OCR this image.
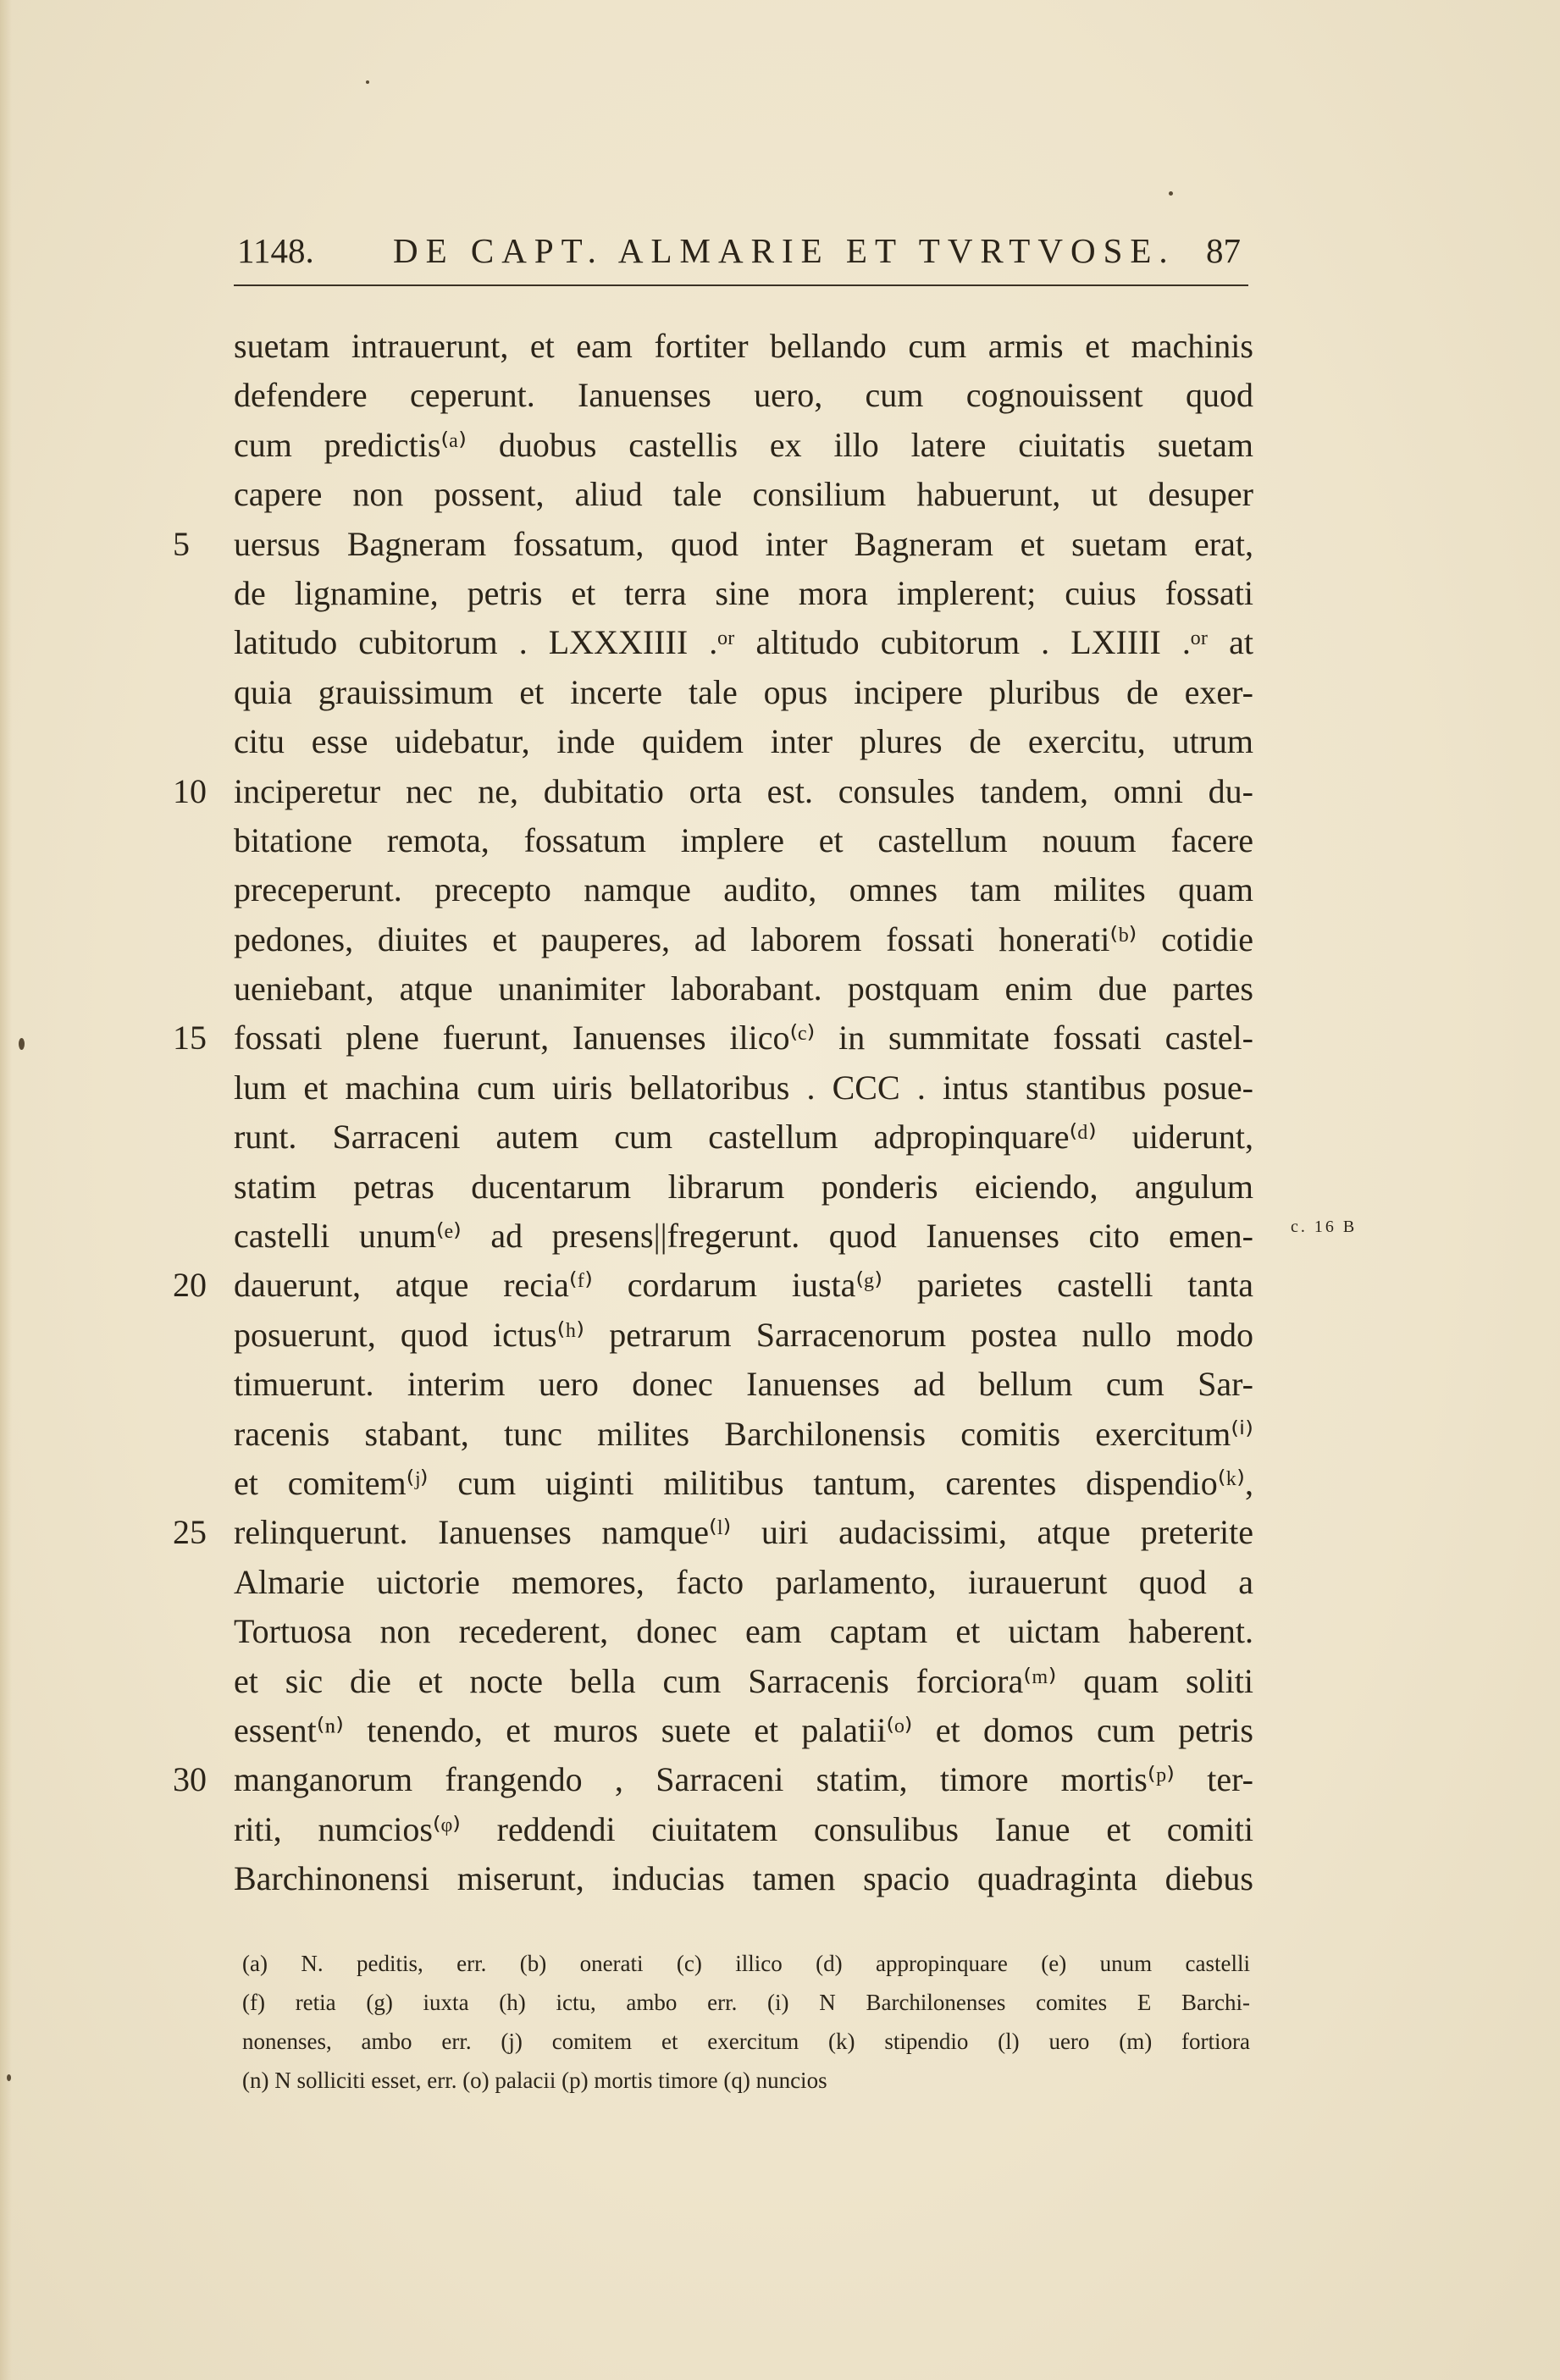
1148. DE CAPT. ALMARIE ET TVRTVOSE. 87
suetam intrauerunt, et eam fortiter bellando cum armis et machinis
defendere ceperunt. Ianuenses uero, cum cognouissent quod
cum predictis⁽ᵃ⁾ duobus castellis ex illo latere ciuitatis suetam
capere non possent, aliud tale consilium habuerunt, ut desuper
uersus Bagneram fossatum, quod inter Bagneram et suetam erat,
5
de lignamine, petris et terra sine mora implerent; cuius fossati
latitudo cubitorum . LXXXIIII .ᵒʳ altitudo cubitorum . LXIIII .ᵒʳ at
quia grauissimum et incerte tale opus incipere pluribus de exer-
citu esse uidebatur, inde quidem inter plures de exercitu, utrum
inciperetur nec ne, dubitatio orta est. consules tandem, omni du-
10
bitatione remota, fossatum implere et castellum nouum facere
preceperunt. precepto namque audito, omnes tam milites quam
pedones, diuites et pauperes, ad laborem fossati honerati⁽ᵇ⁾ cotidie
ueniebant, atque unanimiter laborabant. postquam enim due partes
fossati plene fuerunt, Ianuenses ilico⁽ᶜ⁾ in summitate fossati castel-
15
lum et machina cum uiris bellatoribus . CCC . intus stantibus posue-
runt. Sarraceni autem cum castellum adpropinquare⁽ᵈ⁾ uiderunt,
statim petras ducentarum librarum ponderis eiciendo, angulum
castelli unum⁽ᵉ⁾ ad presens||fregerunt. quod Ianuenses cito emen-
dauerunt, atque recia⁽ᶠ⁾ cordarum iusta⁽ᵍ⁾ parietes castelli tanta
20
posuerunt, quod ictus⁽ʰ⁾ petrarum Sarracenorum postea nullo modo
timuerunt. interim uero donec Ianuenses ad bellum cum Sar-
racenis stabant, tunc milites Barchilonensis comitis exercitum⁽ⁱ⁾
et comitem⁽ʲ⁾ cum uiginti militibus tantum, carentes dispendio⁽ᵏ⁾,
relinquerunt. Ianuenses namque⁽ˡ⁾ uiri audacissimi, atque preterite
25
Almarie uictorie memores, facto parlamento, iurauerunt quod a
Tortuosa non recederent, donec eam captam et uictam haberent.
et sic die et nocte bella cum Sarracenis forciora⁽ᵐ⁾ quam soliti
essent⁽ⁿ⁾ tenendo, et muros suete et palatii⁽ᵒ⁾ et domos cum petris
manganorum frangendo , Sarraceni statim, timore mortis⁽ᵖ⁾ ter-
30
riti, numcios⁽ᵠ⁾ reddendi ciuitatem consulibus Ianue et comiti
Barchinonensi miserunt, inducias tamen spacio quadraginta diebus
c. 16 B
(a) N. peditis, err. (b) onerati (c) illico (d) appropinquare (e) unum castelli
(f) retia (g) iuxta (h) ictu, ambo err. (i) N Barchilonenses comites E Barchi-
nonenses, ambo err. (j) comitem et exercitum (k) stipendio (l) uero (m) fortiora
(n) N solliciti esset, err. (o) palacii (p) mortis timore (q) nuncios
